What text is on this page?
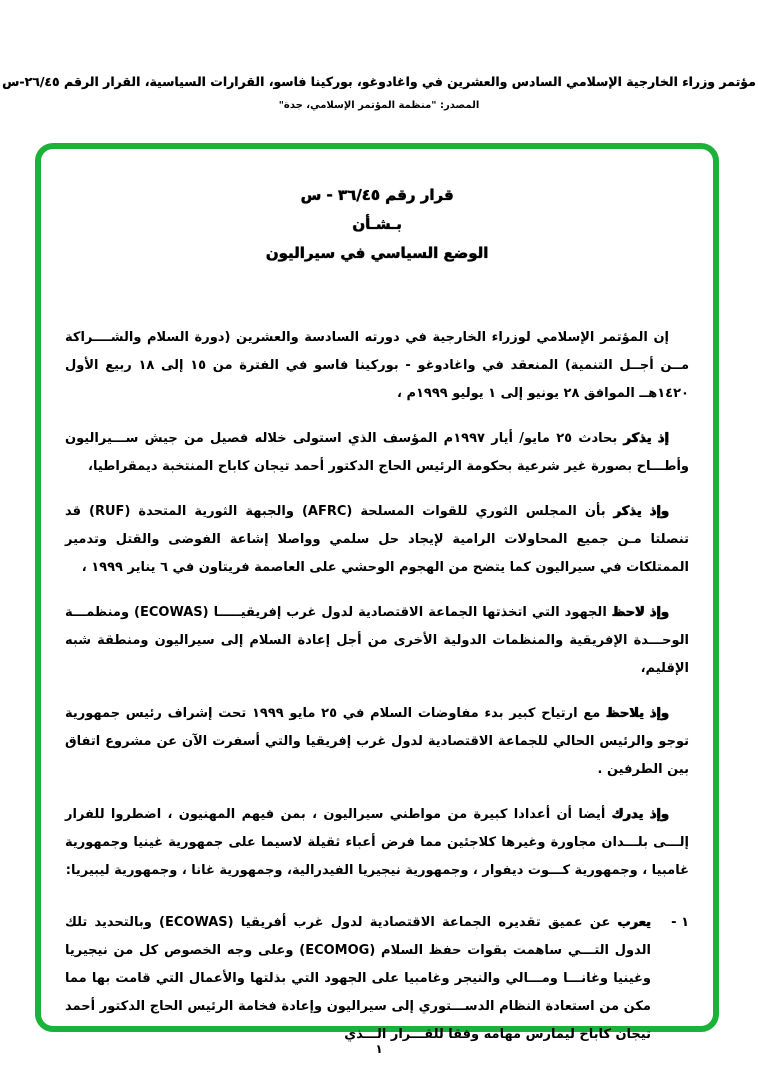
مؤتمر وزراء الخارجية الإسلامي السادس والعشرين في واغادوغو، بوركينا فاسو، القرارات السياسية، القرار الرقم ٢٦/٤٥-س
المصدر: "منظمة المؤتمر الإسلامي، جدة"
قرار رقم ٣٦/٤٥ - س
بـشـأن
الوضع السياسي في سيراليون

إن المؤتمر الإسلامي لوزراء الخارجية في دورته السادسة والعشرين (دورة السلام والشــــراكة مــن أجــل التنمية) المنعقد في واغادوغو - بوركينا فاسو في الفترة من ١٥ إلى ١٨ ربيع الأول ١٤٢٠هــ الموافق ٢٨ يونيو إلى ١ يوليو ١٩٩٩م ،

إذ يذكر بحادث ٢٥ مايو/ أيار ١٩٩٧م المؤسف الذي استولى خلاله فصيل من جيش ســـيراليون وأطـــاح بصورة غير شرعية بحكومة الرئيس الحاج الدكتور أحمد تيجان كاباح المنتخبة ديمقراطيا،

وإذ يذكر بأن المجلس الثوري للقوات المسلحة (AFRC) والجبهة الثورية المتحدة (RUF) قد تنصلتا مـن جميع المحاولات الرامية لإيجاد حل سلمي وواصلا إشاعة الفوضى والقتل وتدمير الممتلكات في سيراليون كما يتضح من الهجوم الوحشي على العاصمة فريتاون في ٦ يناير ١٩٩٩ ،

وإذ لاحظ الجهود التي اتخذتها الجماعة الاقتصادية لدول غرب إفريقيـــــا (ECOWAS) ومنظمـــة الوحـــدة الإفريقية والمنظمات الدولية الأخرى من أجل إعادة السلام إلى سيراليون ومنطقة شبه الإقليم،

وإذ يلاحظ مع ارتياح كبير بدء مفاوضات السلام في ٢٥ مايو ١٩٩٩ تحت إشراف رئيس جمهورية توجو والرئيس الحالي للجماعة الاقتصادية لدول غرب إفريقيا والتي أسفرت الآن عن مشروع اتفاق بين الطرفين .

وإذ يدرك أيضا أن أعدادا كبيرة من مواطني سيراليون ، بمن فيهم المهنيون ، اضطروا للفرار إلـــى بلـــدان مجاورة وغيرها كلاجئين مما فرض أعباء ثقيلة لاسيما على جمهورية غينيا وجمهورية غامبيا ، وجمهورية كـــوت ديفوار ، وجمهورية نيجيريا الفيدرالية، وجمهورية غانا ، وجمهورية ليبيريا:

١ -

يعرب عن عميق تقديره الجماعة الاقتصادية لدول غرب أفريقيا (ECOWAS) وبالتحديد تلك الدول التـــي ساهمت بقوات حفظ السلام (ECOMOG) وعلى وجه الخصوص كل من نيجيريا وغينيا وغانـــا ومـــالي والنيجر وغامبيا على الجهود التي بذلتها والأعمال التي قامت بها مما مكن من استعادة النظام الدســـتوري إلى سيراليون وإعادة فخامة الرئيس الحاج الدكتور أحمد تيجان كاباح ليمارس مهامه وفقا للقـــرار الـــذي

١
